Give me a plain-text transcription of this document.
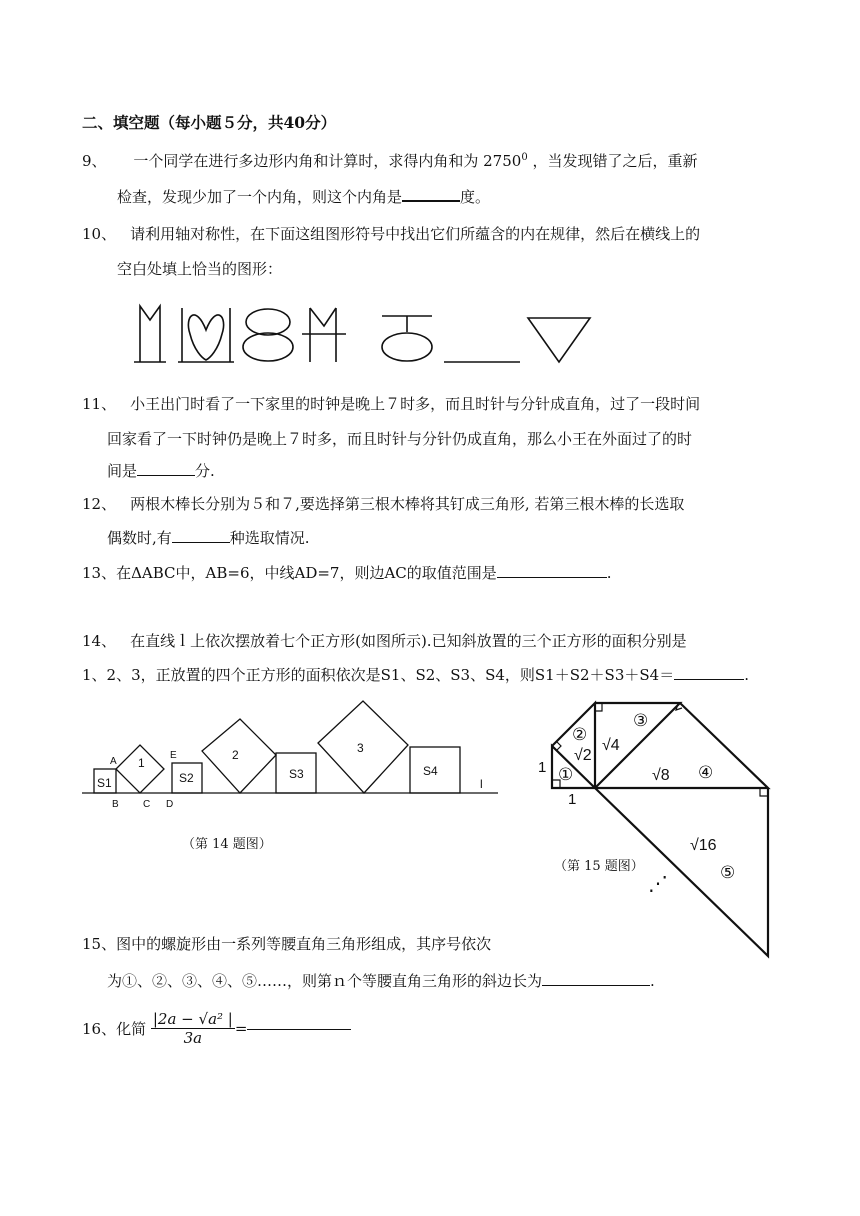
二、填空题（每小题５分，共40分）
9、 一个同学在进行多边形内角和计算时，求得内角和为 2750$^0$ ，当发现错了之后，重新
检查，发现少加了一个内角，则这个内角是	度。
10、 请利用轴对称性，在下面这组图形符号中找出它们所蕴含的内在规律，然后在横线上的
空白处填上恰当的图形：
11、 小王出门时看了一下家里的时钟是晚上７时多，而且时针与分针成直角，过了一段时间
回家看了一下时钟仍是晚上７时多，而且时针与分针仍成直角，那么小王在外面过了的时
间是	分.
12、 两根木棒长分别为５和７,要选择第三根木棒将其钉成三角形, 若第三根木棒的长选取
偶数时,有	种选取情况.
13、在ΔABC中，AB=6，中线AD=7，则边AC的取值范围是	.
14、 在直线ｌ上依次摆放着七个正方形(如图所示).已知斜放置的三个正方形的面积分别是
1、2、3，正放置的四个正方形的面积依次是S1、S2、S3、S4，则S1＋S2＋S3＋S4＝	.
S1	S2	S3	S4
1
2	3
A
B C D
E
l
（第 14 题图）
1
1
①
②
③
④
⑤
√2
√4
√8
√16
⋰
（第 15 题图）
15、图中的螺旋形由一系列等腰直角三角形组成，其序号依次
为①、②、③、④、⑤……，则第ｎ个等腰直角三角形的斜边长为	.
16、化简 $\frac{\text{|2a − √a² |}}{3a}$ =
